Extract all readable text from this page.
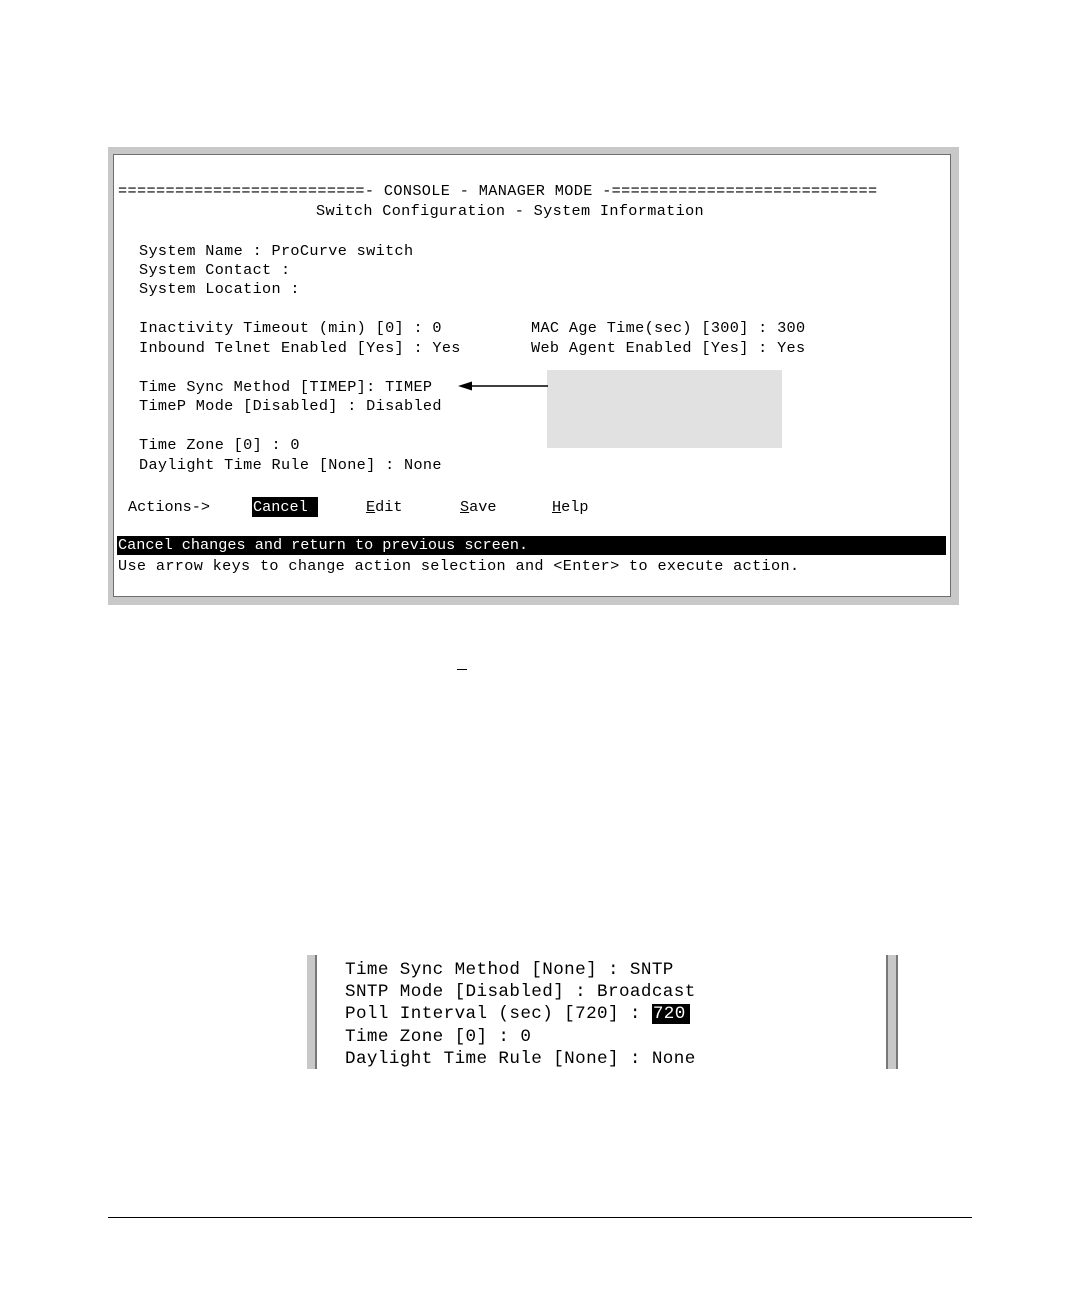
==========================- CONSOLE - MANAGER MODE -============================
Switch Configuration - System Information
System Name : ProCurve switch
System Contact :
System Location :
Inactivity Timeout (min) [0] : 0	MAC Age Time(sec) [300] : 300
Inbound Telnet Enabled [Yes] : Yes	Web Agent Enabled [Yes] : Yes
Time Sync Method [TIMEP]: TIMEP
TimeP Mode [Disabled] : Disabled
Time Zone [0] : 0
Daylight Time Rule [None] : None

Actions->

	Cancel

	Edit

	Save

	Help

Cancel changes and return to previous screen.
Use arrow keys to change action selection and <Enter> to execute action.
Time Sync Method [None] : SNTP
SNTP Mode [Disabled] : Broadcast
Poll Interval (sec) [720] : 720
Time Zone [0] : 0
Daylight Time Rule [None] : None
